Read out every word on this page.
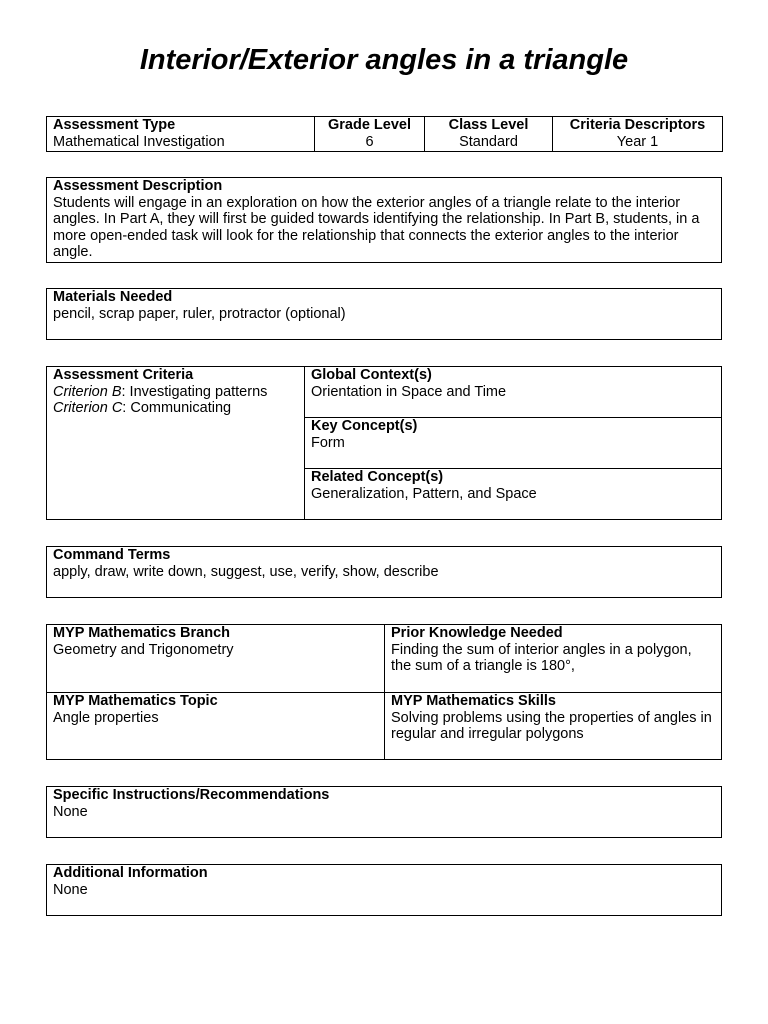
Interior/Exterior angles in a triangle
Assessment Type
Mathematical Investigation

Grade Level
6

Class Level
Standard

Criteria Descriptors
Year 1
Assessment Description
Students will engage in an exploration on how the exterior angles of a triangle relate to the interior angles. In Part A, they will first be guided towards identifying the relationship. In Part B, students, in a more open-ended task will look for the relationship that connects the exterior angles to the interior angle.
Materials Needed
pencil, scrap paper, ruler, protractor (optional)
Assessment Criteria
Criterion B: Investigating patterns
Criterion C: Communicating
Global Context(s)
Orientation in Space and Time
Key Concept(s)
Form
Related Concept(s)
Generalization, Pattern, and Space
Command Terms
apply, draw, write down, suggest, use, verify, show, describe
MYP Mathematics Branch
Geometry and Trigonometry
Prior Knowledge Needed
Finding the sum of interior angles in a polygon, the sum of a triangle is 180°,
MYP Mathematics Topic
Angle properties
MYP Mathematics Skills
Solving problems using the properties of angles in regular and irregular polygons
Specific Instructions/Recommendations
None
Additional Information
None
